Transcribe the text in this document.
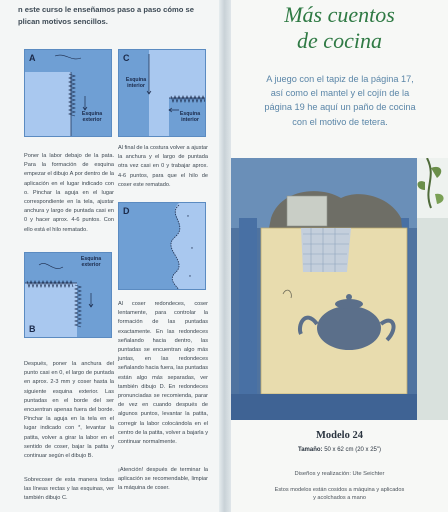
n este curso le enseñamos paso a paso cómo se
plican motivos sencillos.
A
Esquina exterior
C
Esquina interior
Esquina interior
*
*
*
D
Esquina exterior
B
Poner la labor debajo de la pata. Para la formación de esquina empezar el dibujo A por dentro de la aplicación en el lugar indicado con o. Pinchar la aguja en el lugar correspondiente en la tela, ajustar anchura y largo de puntada casi en 0 y hacer aprox. 4-6 puntos. Con ello está el hilo rematado.
Al final de la costura volver a ajustar la anchura y el largo de puntada otra vez casi en 0 y trabajar aprox. 4-6 puntos, para que el hilo de coser este rematado.
Al coser redondeces, coser lentamente, para controlar la formación de las puntadas exactamente. En las redondeces señalando hacia dentro, las puntadas se encuentran algo más juntas, en las redondeces señalando hacia fuera, las puntadas están algo más separadas, ver también dibujo D. En redondeces pronunciadas se recomienda, parar de vez en cuando después de algunos puntos, levantar la patita, corregir la labor colocándola en el centro de la patita, volver a bajarla y continuar normalmente.
Después, poner la anchura del punto casi en 0, el largo de puntada en aprox. 2-3 mm y coser hasta la siguiente esquina exterior. Las puntadas en el borde del ser encuentran apenas fuera del borde. Pinchar la aguja en la tela en el lugar indicado con *, levantar la patita, volver a girar la labor en el sentido de coser, bajar la patita y continuar según el dibujo B.
¡Atención! después de terminar la aplicación se recomendable, limpiar la máquina de coser.
Sobrecoser de esta manera todas las líneas rectas y las esquinas, ver también dibujo C.
Más cuentos
de cocina
A juego con el tapiz de la página 17,
así como el mantel y el cojín de la
página 19 he aquí un paño de cocina
con el motivo de tetera.
Modelo 24
Tamaño: 50 x 62 cm (20 x 25")
Diseños y realización: Ute Seichter
Estos modelos están cosidos a máquina y aplicados
y acolchados a mano
